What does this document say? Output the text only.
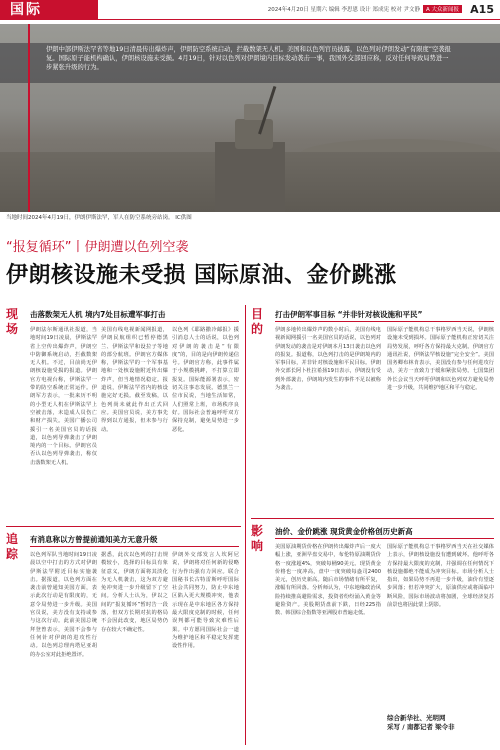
国际	2024年4月20日 星期六 编辑 李思恩 设计 郑成宪 校对 尹文静 A 大众新闻报 A15
伊朗中部伊斯法罕省等地19日清晨传出爆炸声，伊朗防空系统启动，拦截数架无人机。美国和以色列官员披露，以色列对伊朗发动“有限度”空袭报复。国际原子能机构确认，伊朗核设施未受损。4月19日，针对以色列对伊朗境内目标发动袭击一事，我国外交部回应称，反对任何导致局势进一步紧张升级的行为。
当地时间2024年4月19日，伊朗伊斯法罕，军人在防空系统旁站岗。 IC供图
“报复循环”丨伊朗遭以色列空袭
伊朗核设施未受损 国际原油、金价跳涨
现场
击落数架无人机 境内7处目标遭军事打击
伊朗法尔斯通讯社报道，当地时间19日凌晨，伊斯法罕省上空传出爆炸声，伊朗空中防御系统启动，拦截数架无人机。不过，目前尚无伊朗核设施受损的报道。伊朗官方电视台称，伊斯法罕一带的防空系统正常运作。伊朗军方表示，一批来历不明的小型无人机在伊斯法罕上空被击落，未造成人员伤亡和财产损失。美国广播公司援引一名美国官员的话报道，以色列导弹袭击了伊朗境内的一个目标。伊朗官员否认以色列导弹袭击，称仅击落数架无人机。
美国有线电视新闻网报道，伊朗民航组织已暂停德黑兰、伊斯法罕和设拉子等地的部分航班。伊朗官方媒体称，伊斯法罕的一个军事基地和一处核设施附近传出爆炸声，但当地情况稳定。报道说，伊斯法罕省内的核设施完好无损。截至发稿，以色列尚未就此作出正式回应。美国官员说，美方事先得到以方通报，但未参与行动。
以色列《耶路撒冷邮报》援引消息人士的话说，以色列对伊朗的袭击是“有限度”的，目的是向伊朗传递信号。伊朗官方称，此事件属于小规模挑衅，不打算立即报复。国际能源署表示，密切关注事态发展。德黑兰一位市民说，当地生活如常，人们照常上班，市场秩序良好。国际社会普遍呼吁双方保持克制，避免局势进一步恶化。
目的
打击伊朗军事目标 “并非针对核设施和平民”
伊朗多地传出爆炸声的数小时后，美国有线电视新闻网援引一名美国官员的话说，以色列对伊朗发动的袭击是对伊朗本月13日袭击以色列的报复。报道称，以色列打击的是伊朗境内的军事目标，并非针对核设施和平民目标。伊朗外交部长阿卜杜拉希扬19日表示，伊朗没有受到外部袭击，伊朗境内发生的事件不足以被称为袭击。
国际原子能机构总干事格罗西当天说，伊朗核设施未受到损坏。国际原子能机构正密切关注局势发展，呼吁各方保持最大克制。伊朗官方通讯社说，伊斯法罕核设施“完全安全”。美国国务卿布林肯表示，美国没有参与任何进攻行动，美方一直致力于缓和紧张局势。七国集团外长会议当天呼吁伊朗和以色列双方避免局势进一步升级，共同维护地区和平与稳定。
追踪
有消息称以方曾提前通知美方无意升级
以色列军队当地时间19日凌晨以空中打击的方式对伊朗伊斯法罕附近目标实施袭击。据报道，以色列方面在袭击前曾通知美国方面，表示此次行动是有限度的，无意令局势进一步升级。美国官员说，美方没有支持或参与这次行动。此前美国总统拜登曾表示，美国不会参与任何针对伊朗的进攻性行动。以色列总理内塔尼亚胡的办公室对此拒绝置评。
据悉，此次以色列的打击规模较小，选择的目标具有象征意义，伊朗方面将其淡化为无人机袭击，这为双方避免冲突进一步升级留下了空间。分析人士认为，伊以之间的“报复循环”暂时告一段落，但双方长期对抗的格局不会因此改变，地区局势仍存在较大不确定性。
伊朗外交部发言人坎阿尼说，伊朗将对任何新的侵略行为作出强有力回应。联合国秘书长古特雷斯呼吁国际社会共同努力，防止中东地区陷入更大规模冲突，他表示现在是中东地区各方保持最大限度克制的时候，任何误判都可能导致灾难性后果。中方愿同国际社会一道为维护地区和平稳定发挥建设性作用。
影响
油价、金价跳涨 现货黄金价格创历史新高
美国原油期货价格在伊朗传出爆炸声后一度大幅上涨，亚洲早盘交易中，布伦特原油期货价格一度涨超4%，突破每桶90美元。现货黄金价格也一度冲高，盘中一度突破每盎司2400美元，创历史新高。随后市场情绪有所平复，涨幅有所回落。分析师认为，中东地缘政治风险持续推高避险需求，投资者纷纷涌入黄金等避险资产。美股期货盘前下跌，日经225指数、韩国综合指数等亚洲股市普遍走低。
国际原子能机构总干事格罗西当天在社交媒体上表示，伊朗核设施没有遭到破坏。他呼吁各方保持最大限度的克制，并强调在任何情况下核设施都绝不能成为冲突目标。市场分析人士指出，如果局势不再进一步升级，油价有望逐步回落；但若冲突扩大，原油供应或将面临中断风险，国际市场波动将加剧，全球经济复苏前景也将因此蒙上阴影。
综合新华社、光明网
采写 / 南都记者 梁令非
